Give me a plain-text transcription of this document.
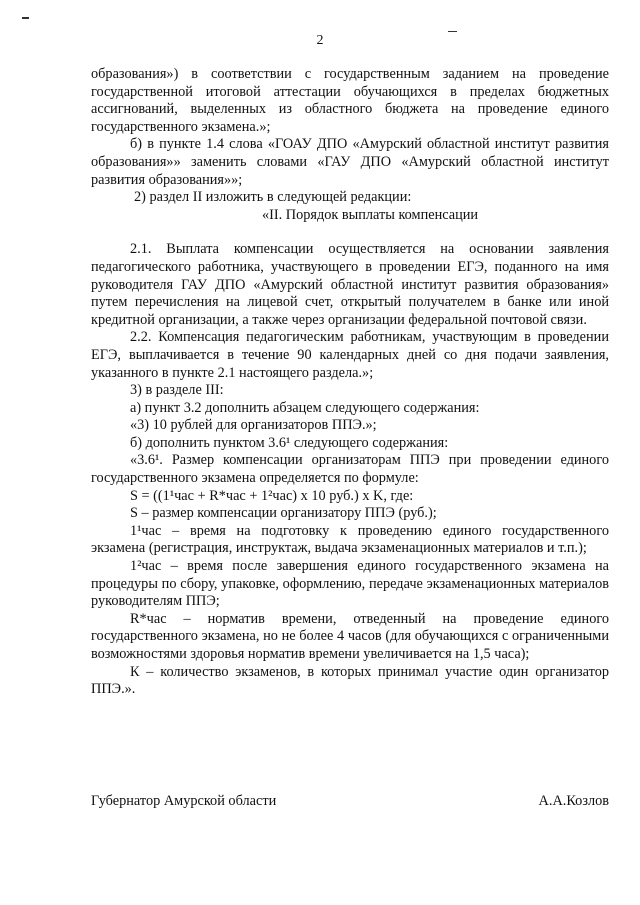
2

образования») в соответствии с государственным заданием на проведение государственной итоговой аттестации обучающихся в пределах бюджетных ассигнований, выделенных из областного бюджета на проведение единого государственного экзамена.»;

б) в пункте 1.4 слова «ГОАУ ДПО «Амурский областной институт развития образования»» заменить словами «ГАУ ДПО «Амурский областной институт развития образования»»;

2) раздел II изложить в следующей редакции:

«II. Порядок выплаты компенсации

2.1. Выплата компенсации осуществляется на основании заявления педагогического работника, участвующего в проведении ЕГЭ, поданного на имя руководителя ГАУ ДПО «Амурский областной институт развития образования» путем перечисления на лицевой счет, открытый получателем в банке или иной кредитной организации, а также через организации федеральной почтовой связи.

2.2. Компенсация педагогическим работникам, участвующим в проведении ЕГЭ, выплачивается в течение 90 календарных дней со дня подачи заявления, указанного в пункте 2.1 настоящего раздела.»;

3) в разделе III:

а) пункт 3.2 дополнить абзацем следующего содержания:

«3) 10 рублей для организаторов ППЭ.»;

б) дополнить пунктом 3.6¹ следующего содержания:

«3.6¹. Размер компенсации организаторам ППЭ при проведении единого государственного экзамена определяется по формуле:

S = ((1¹час + R*час + 1²час) x 10 руб.) x K, где:

S – размер компенсации организатору ППЭ (руб.);

1¹час – время на подготовку к проведению единого государственного экзамена (регистрация, инструктаж, выдача экзаменационных материалов и т.п.);

1²час – время после завершения единого государственного экзамена на процедуры по сбору, упаковке, оформлению, передаче экзаменационных материалов руководителям ППЭ;

R*час – норматив времени, отведенный на проведение единого государственного экзамена, но не более 4 часов (для обучающихся с ограниченными возможностями здоровья норматив времени увеличивается на 1,5 часа);

К – количество экзаменов, в которых принимал участие один организатор ППЭ.».

Губернатор Амурской области	А.А.Козлов
